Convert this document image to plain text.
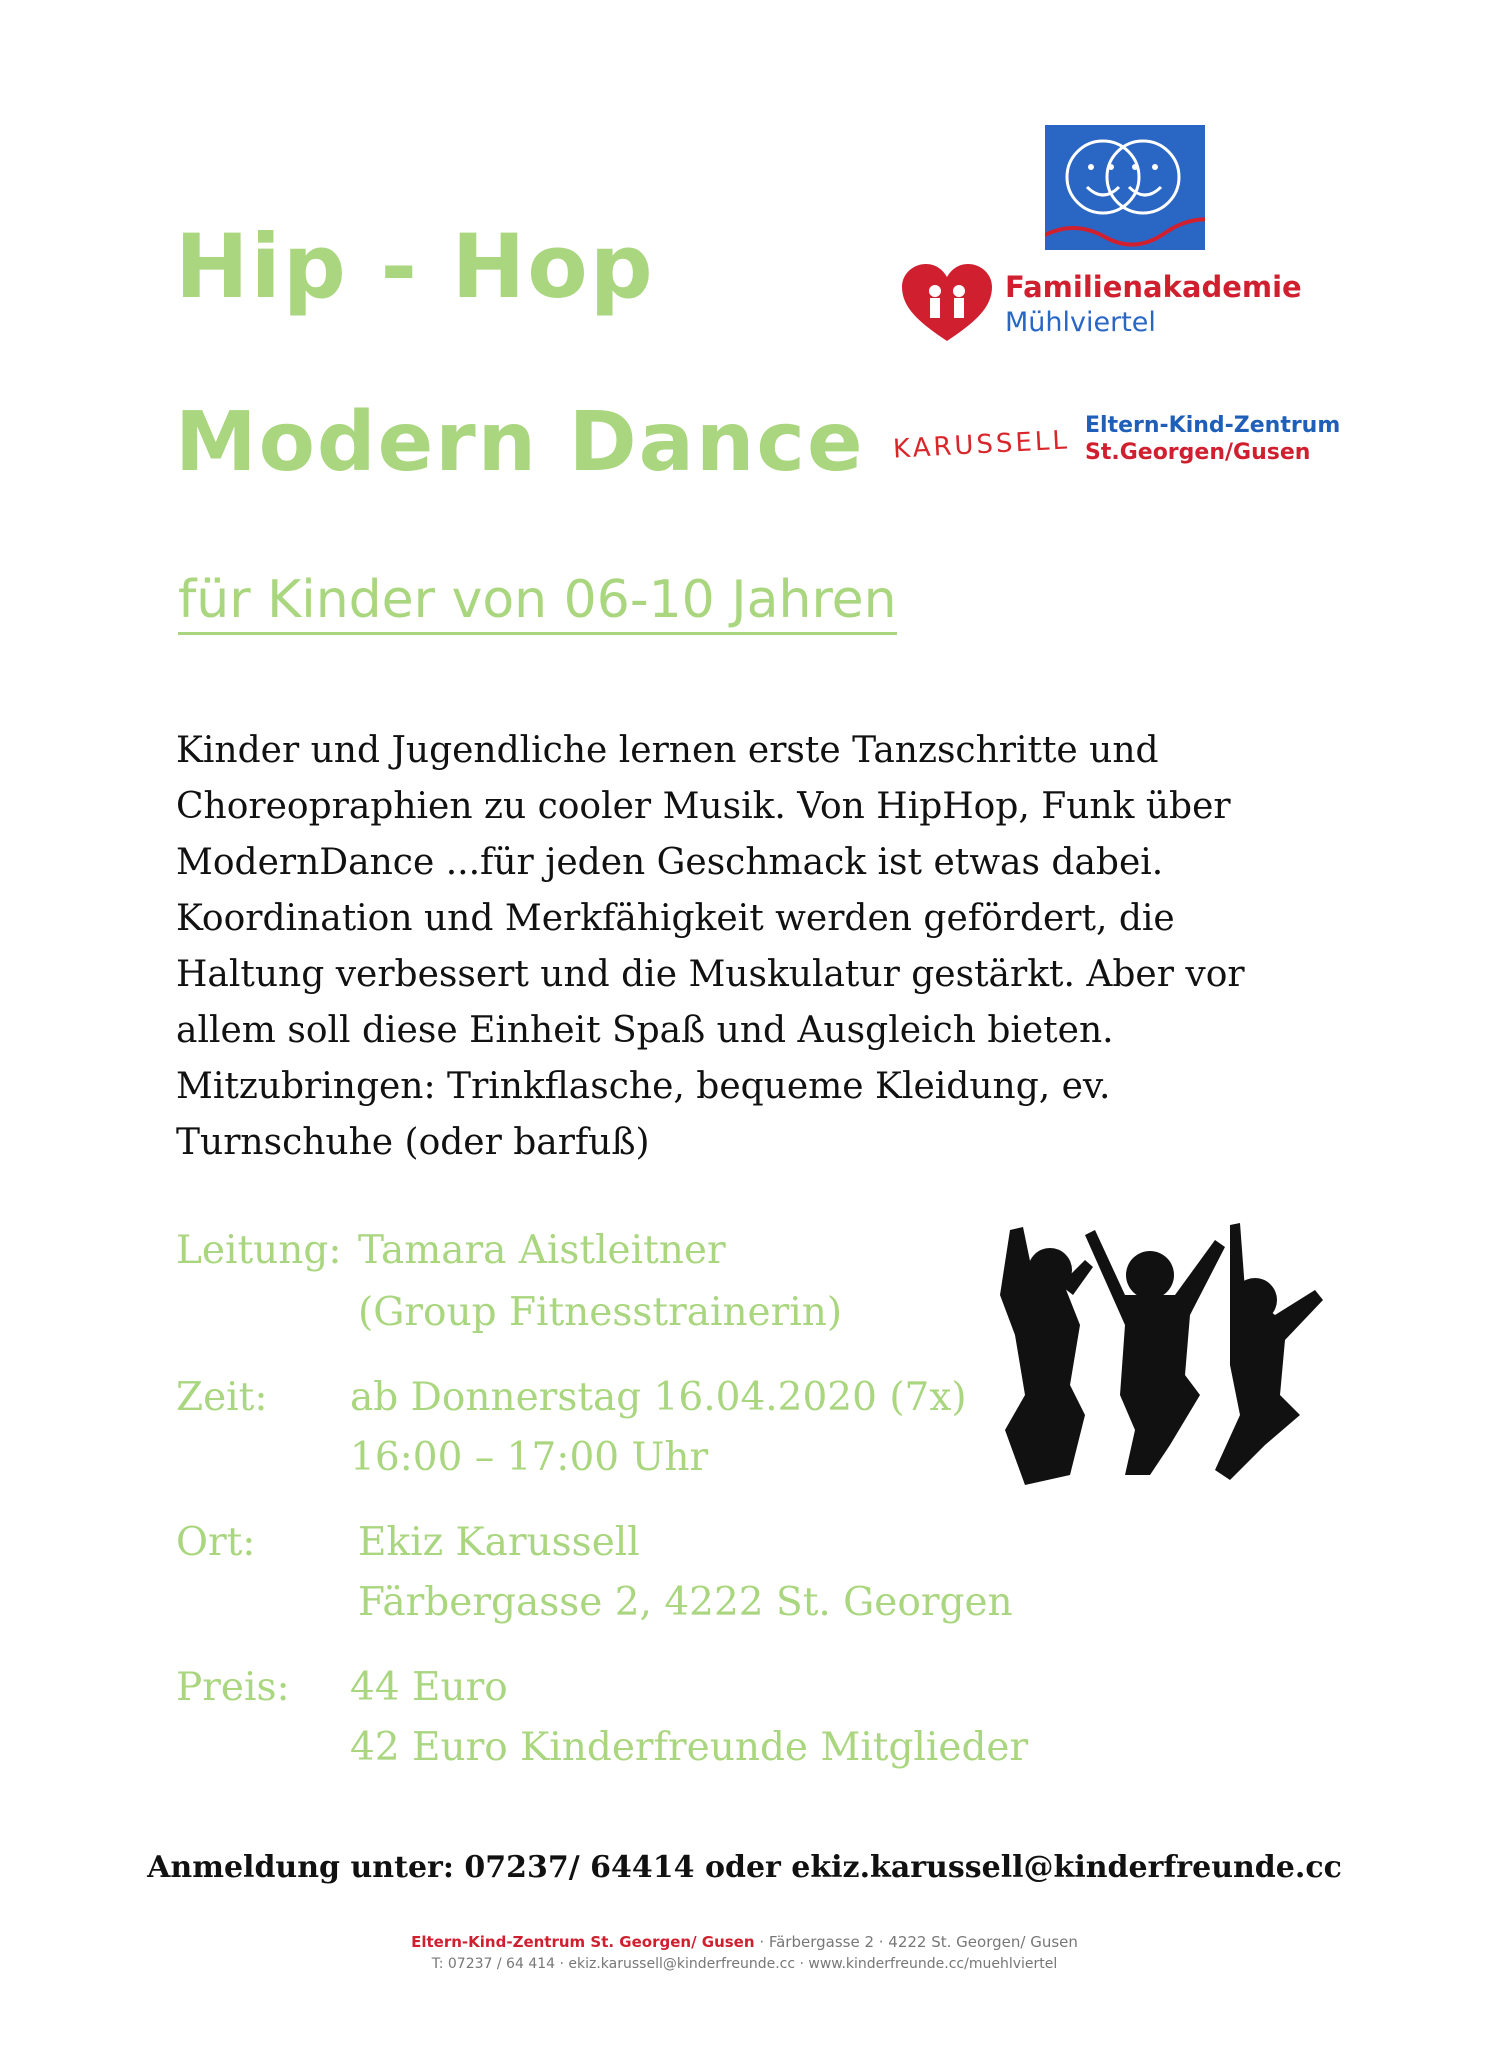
Hip - Hop
Modern Dance
für Kinder von 06-10 Jahren
KARUSSELL
Familienakademie
Mühlviertel
Eltern-Kind-Zentrum
St.Georgen/Gusen
Kinder und Jugendliche lernen erste Tanzschritte und
Choreopraphien zu cooler Musik. Von HipHop, Funk über
ModernDance ...für jeden Geschmack ist etwas dabei.
Koordination und Merkfähigkeit werden gefördert, die
Haltung verbessert und die Muskulatur gestärkt. Aber vor
allem soll diese Einheit Spaß und Ausgleich bieten.
Mitzubringen: Trinkflasche, bequeme Kleidung, ev.
Turnschuhe (oder barfuß)
Leitung: Tamara Aistleitner
(Group Fitnesstrainerin)
Zeit: ab Donnerstag 16.04.2020 (7x)
16:00 – 17:00 Uhr
Ort:	Ekiz Karussell
Färbergasse 2, 4222 St. Georgen
Preis: 44 Euro
42 Euro Kinderfreunde Mitglieder
Anmeldung unter: 07237/ 64414 oder ekiz.karussell@kinderfreunde.cc
Eltern-Kind-Zentrum St. Georgen/ Gusen · Färbergasse 2 · 4222 St. Georgen/ Gusen
T: 07237 / 64 414 · ekiz.karussell@kinderfreunde.cc · www.kinderfreunde.cc/muehlviertel
